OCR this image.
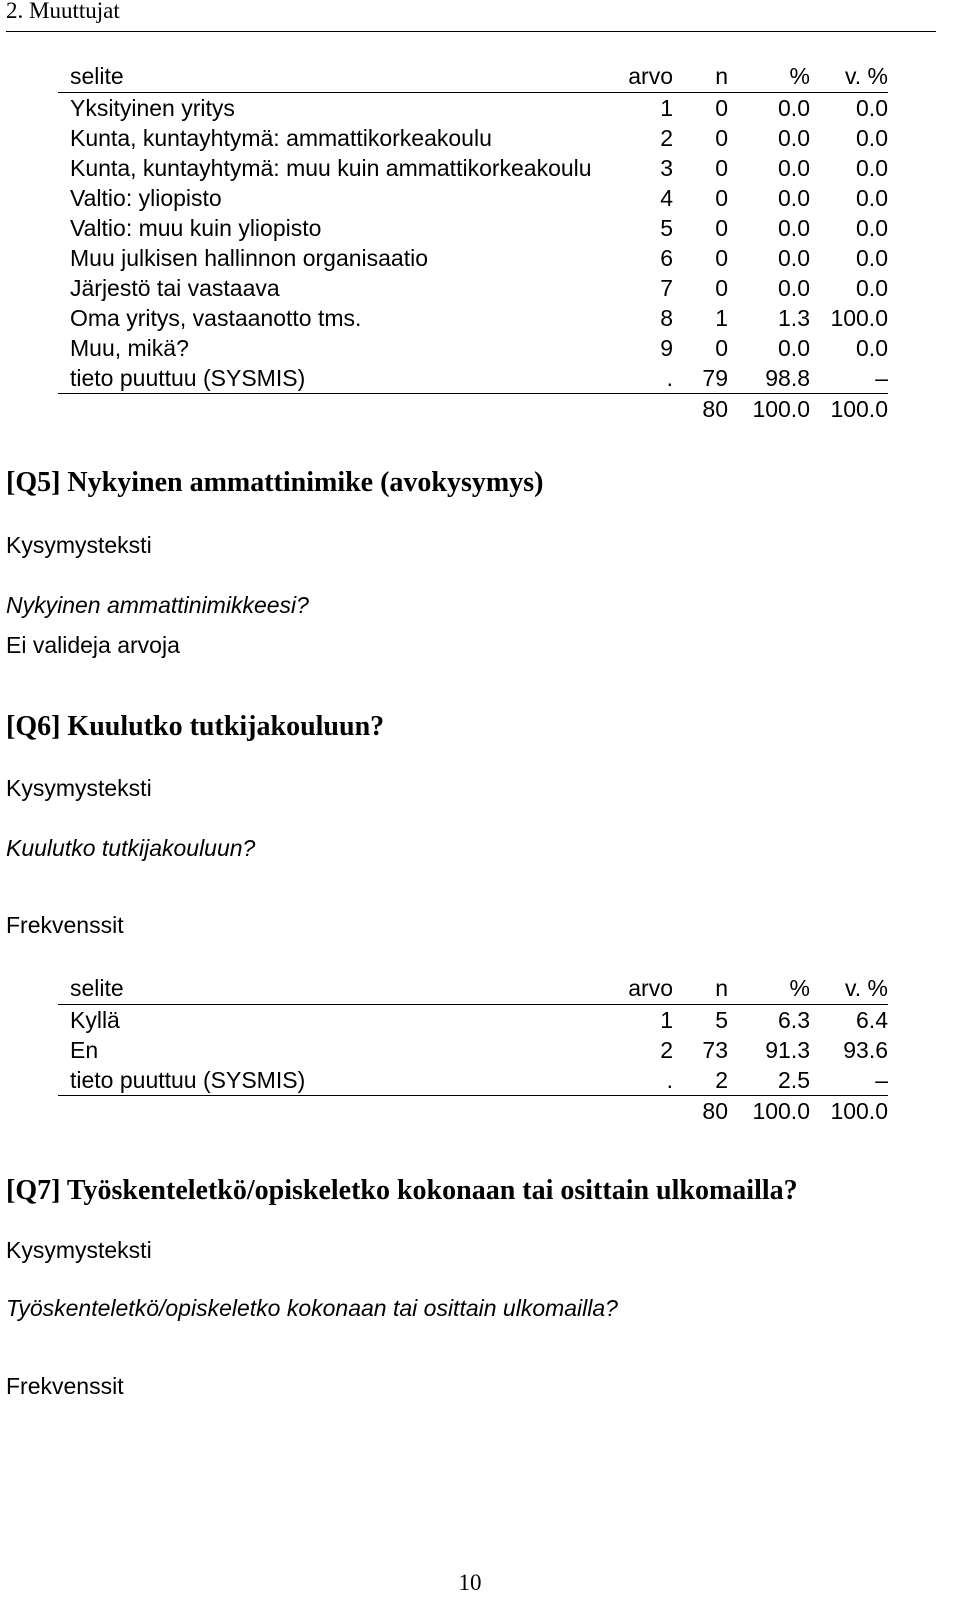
2. Muuttujat
selite	arvo	n	%	v. %
Yksityinen yritys	1	0	0.0	0.0
Kunta, kuntayhtymä: ammattikorkeakoulu	2	0	0.0	0.0
Kunta, kuntayhtymä: muu kuin ammattikorkeakoulu	3	0	0.0	0.0
Valtio: yliopisto	4	0	0.0	0.0
Valtio: muu kuin yliopisto	5	0	0.0	0.0
Muu julkisen hallinnon organisaatio	6	0	0.0	0.0
Järjestö tai vastaava	7	0	0.0	0.0
Oma yritys, vastaanotto tms.	8	1	1.3	100.0
Muu, mikä?	9	0	0.0	0.0
tieto puuttuu (SYSMIS)	.	79	98.8	–
		80	100.0	100.0
[Q5] Nykyinen ammattinimike (avokysymys)
Kysymysteksti
Nykyinen ammattinimikkeesi?
Ei valideja arvoja
[Q6] Kuulutko tutkijakouluun?
Kysymysteksti
Kuulutko tutkijakouluun?
Frekvenssit
selite	arvo	n	%	v. %
Kyllä	1	5	6.3	6.4
En	2	73	91.3	93.6
tieto puuttuu (SYSMIS)	.	2	2.5	–
		80	100.0	100.0
[Q7] Työskenteletkö/opiskeletko kokonaan tai osittain ulkomailla?
Kysymysteksti
Työskenteletkö/opiskeletko kokonaan tai osittain ulkomailla?
Frekvenssit
10
